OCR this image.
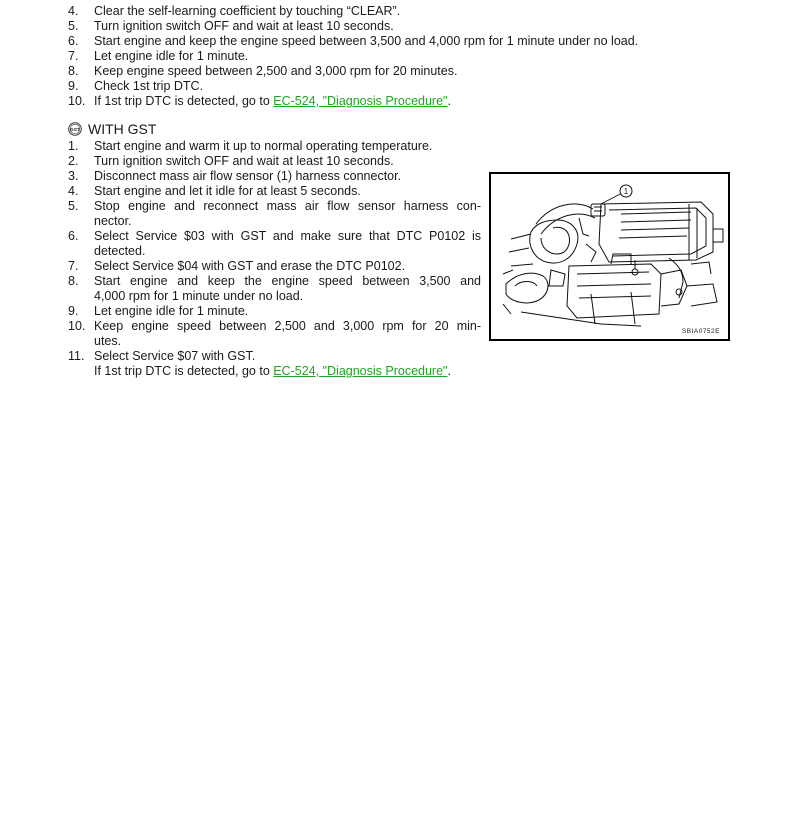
4.	Clear the self-learning coefficient by touching “CLEAR”.
5.	Turn ignition switch OFF and wait at least 10 seconds.
6.	Start engine and keep the engine speed between 3,500 and 4,000 rpm for 1 minute under no load.
7.	Let engine idle for 1 minute.
8.	Keep engine speed between 2,500 and 3,000 rpm for 20 minutes.
9.	Check 1st trip DTC.
10. If 1st trip DTC is detected, go to EC-524, "Diagnosis Procedure".
GST WITH GST
1.	Start engine and warm it up to normal operating temperature.
2.	Turn ignition switch OFF and wait at least 10 seconds.
3.	Disconnect mass air flow sensor (1) harness connector.
4.	Start engine and let it idle for at least 5 seconds.
5.	Stop engine and reconnect mass air flow sensor harness con-
nector.
6.	Select Service $03 with GST and make sure that DTC P0102 is
detected.
7.	Select Service $04 with GST and erase the DTC P0102.
8.	Start engine and keep the engine speed between 3,500 and
4,000 rpm for 1 minute under no load.
9.	Let engine idle for 1 minute.
10. Keep engine speed between 2,500 and 3,000 rpm for 20 min-
utes.
11. Select Service $07 with GST.
If 1st trip DTC is detected, go to EC-524, "Diagnosis Procedure".
1
SBIA0752E
